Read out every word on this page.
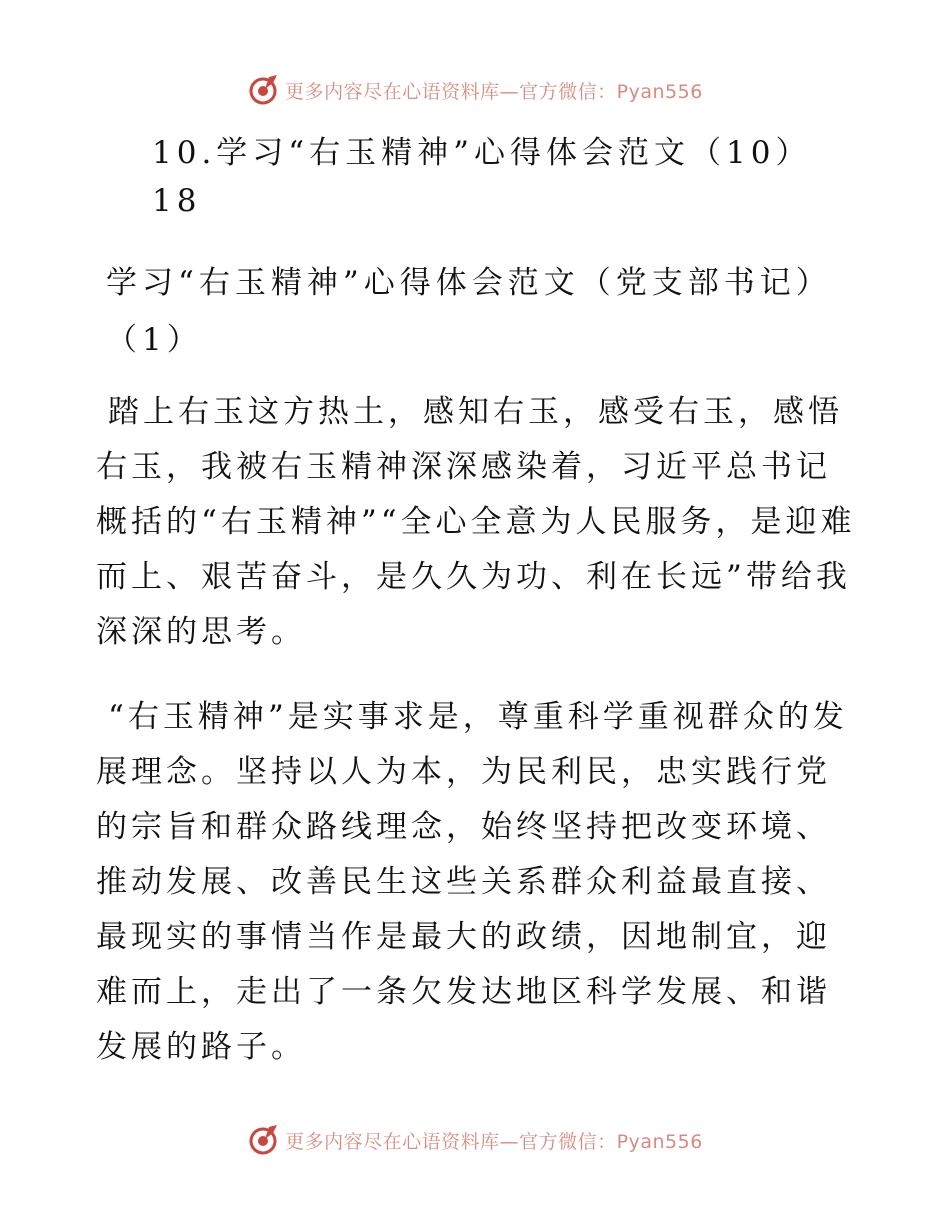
更多内容尽在心语资料库—官方微信：Pyan556
10.学习“右玉精神”心得体会范文（10）
18
学习“右玉精神”心得体会范文（党支部书记）
（1）

踏上右玉这方热土，感知右玉，感受右玉，感悟右玉，我被右玉精神深深感染着，习近平总书记概括的“右玉精神”“全心全意为人民服务，是迎难而上、艰苦奋斗，是久久为功、利在长远”带给我深深的思考。

“右玉精神”是实事求是，尊重科学重视群众的发展理念。坚持以人为本，为民利民，忠实践行党的宗旨和群众路线理念，始终坚持把改变环境、推动发展、改善民生这些关系群众利益最直接、最现实的事情当作是最大的政绩，因地制宜，迎难而上，走出了一条欠发达地区科学发展、和谐发展的路子。

更多内容尽在心语资料库—官方微信：Pyan556
